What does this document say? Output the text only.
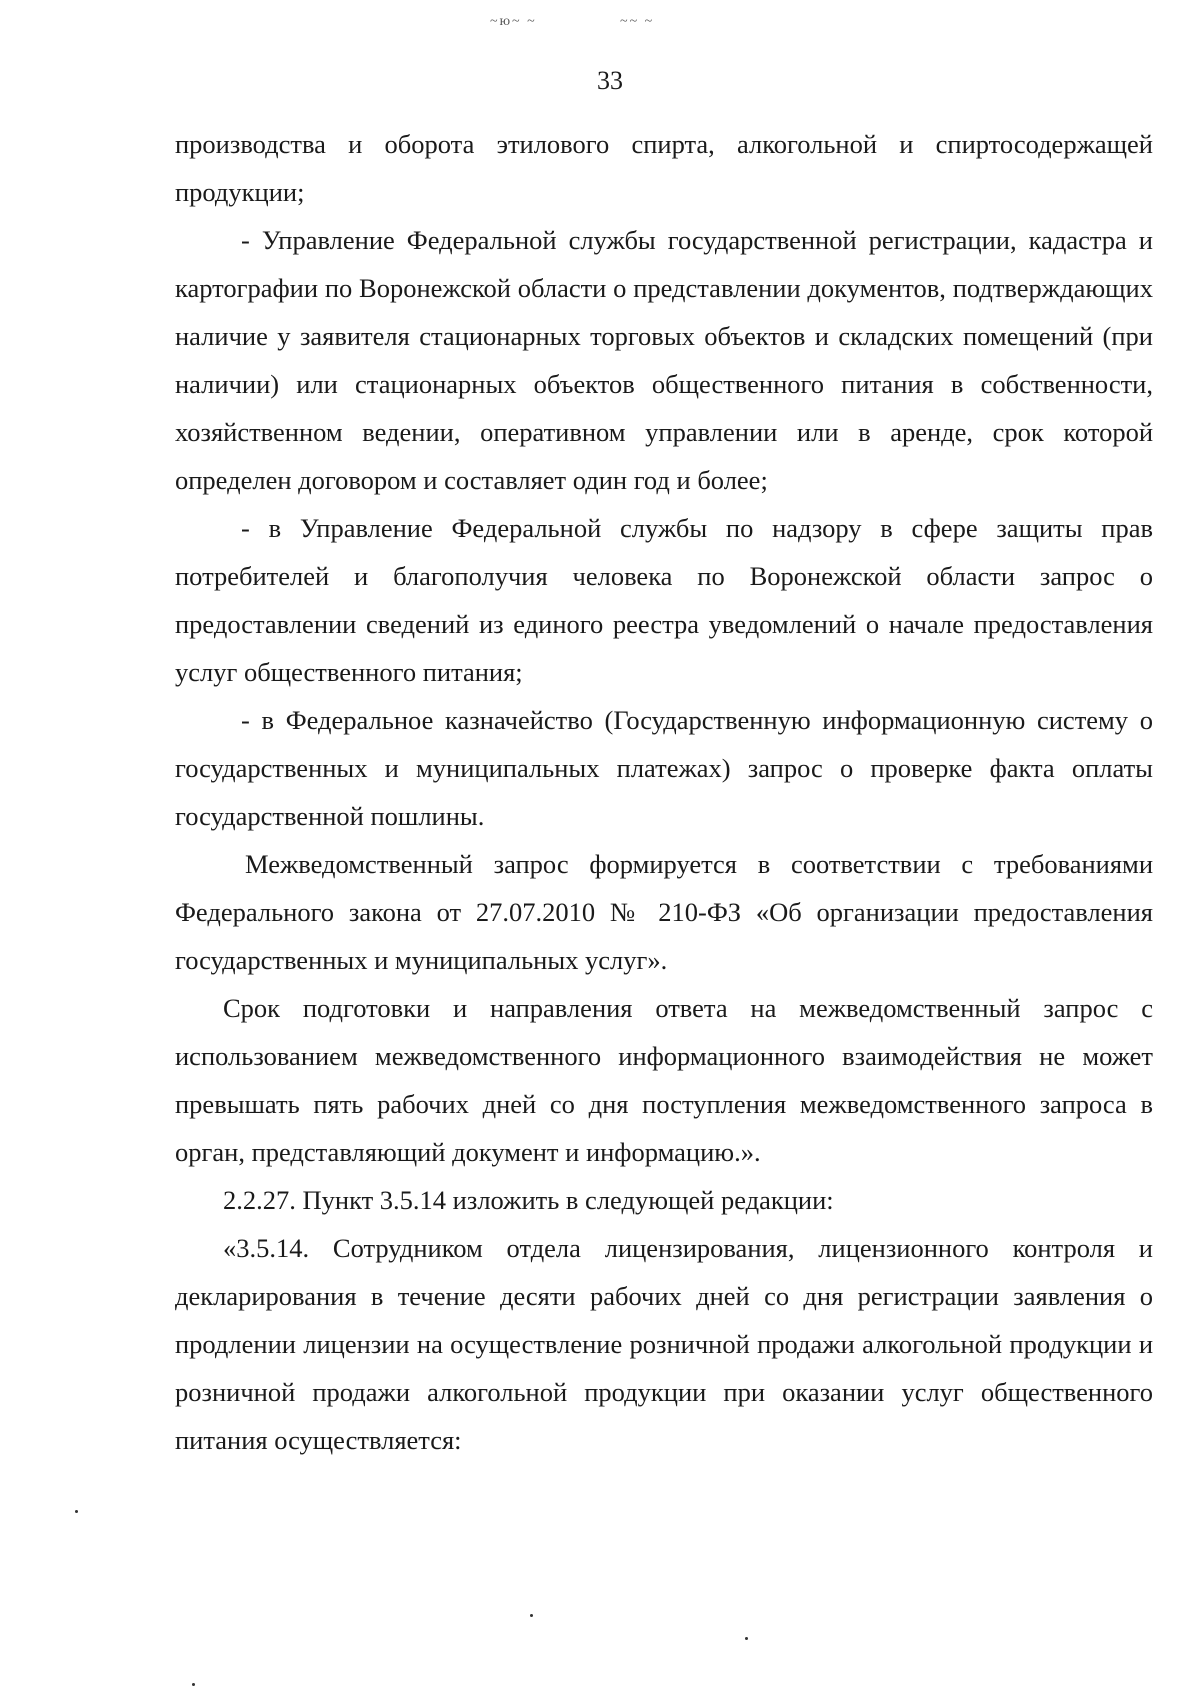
~ю~ ~	~~ ~
33

производства и оборота этилового спирта, алкогольной и спиртосодержащей продукции;

- Управление Федеральной службы государственной регистрации, кадастра и картографии по Воронежской области о представлении документов, подтверждающих наличие у заявителя стационарных торговых объектов и складских помещений (при наличии) или стационарных объектов общественного питания в собственности, хозяйственном ведении, оперативном управлении или в аренде, срок которой определен договором и составляет один год и более;

- в Управление Федеральной службы по надзору в сфере защиты прав потребителей и благополучия человека по Воронежской области запрос о предоставлении сведений из единого реестра уведомлений о начале предоставления услуг общественного питания;

- в Федеральное казначейство (Государственную информационную систему о государственных и муниципальных платежах) запрос о проверке факта оплаты государственной пошлины.

Межведомственный запрос формируется в соответствии с требованиями Федерального закона от 27.07.2010 № 210-ФЗ «Об организации предоставления государственных и муниципальных услуг».

Срок подготовки и направления ответа на межведомственный запрос с использованием межведомственного информационного взаимодействия не может превышать пять рабочих дней со дня поступления межведомственного запроса в орган, представляющий документ и информацию.».

2.2.27. Пункт 3.5.14 изложить в следующей редакции:

«3.5.14. Сотрудником отдела лицензирования, лицензионного контроля и декларирования в течение десяти рабочих дней со дня регистрации заявления о продлении лицензии на осуществление розничной продажи алкогольной продукции и розничной продажи алкогольной продукции при оказании услуг общественного питания осуществляется:
